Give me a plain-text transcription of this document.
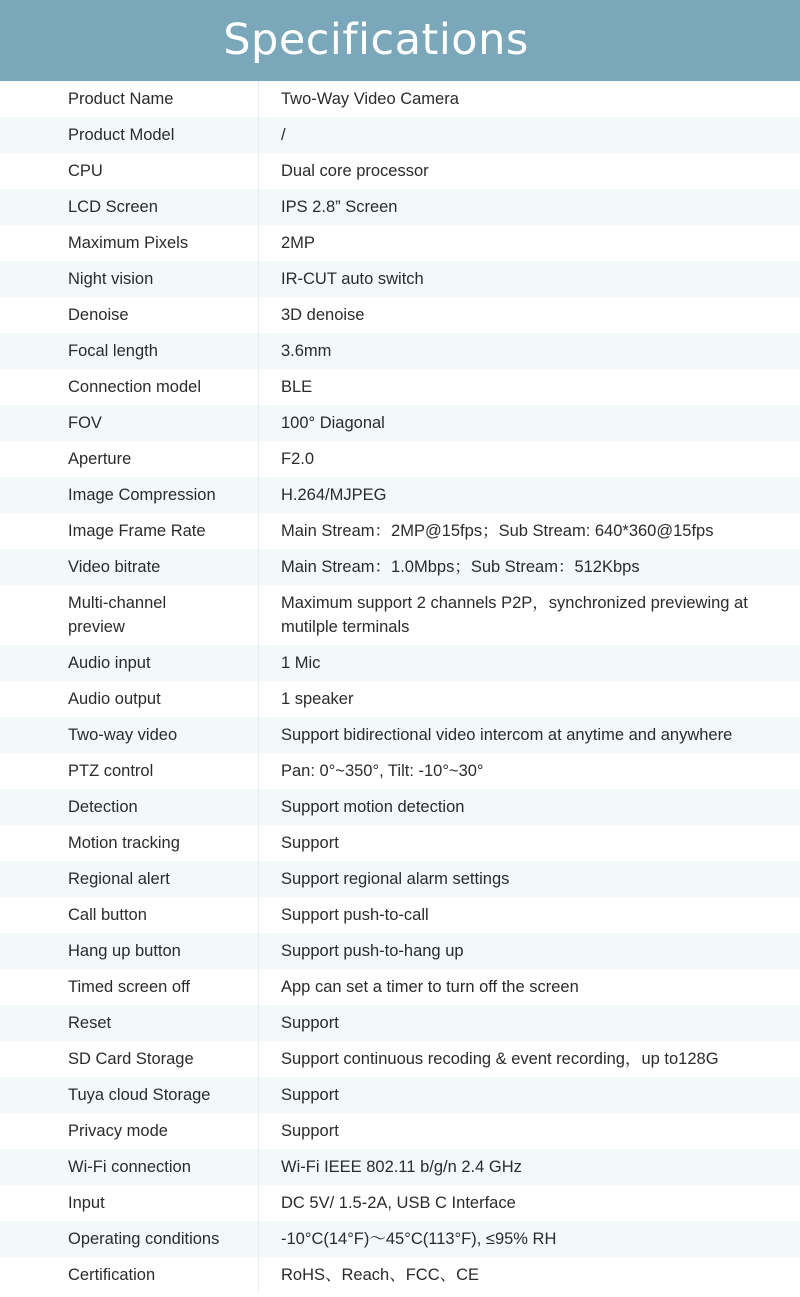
Specifications
Product Name	Two-Way Video Camera
Product Model	/
CPU	Dual core processor
LCD Screen	IPS 2.8” Screen
Maximum Pixels	2MP
Night vision	IR-CUT auto switch
Denoise	3D denoise
Focal length	3.6mm
Connection model	BLE
FOV	100° Diagonal
Aperture	F2.0
Image Compression	H.264/MJPEG
Image Frame Rate	Main Stream：2MP@15fps；Sub Stream: 640*360@15fps
Video bitrate	Main Stream：1.0Mbps；Sub Stream：512Kbps
Multi-channel preview	Maximum support 2 channels P2P，synchronized previewing at mutilple terminals
Audio input	1 Mic
Audio output	1 speaker
Two-way video	Support bidirectional video intercom at anytime and anywhere
PTZ control	Pan: 0°~350°, Tilt: -10°~30°
Detection	Support motion detection
Motion tracking	Support
Regional alert	Support regional alarm settings
Call button	Support push-to-call
Hang up button	Support push-to-hang up
Timed screen off	App can set a timer to turn off the screen
Reset	Support
SD Card Storage	Support continuous recoding & event recording，up to128G
Tuya cloud Storage	Support
Privacy mode	Support
Wi-Fi connection	Wi-Fi IEEE 802.11 b/g/n 2.4 GHz
Input	DC 5V/ 1.5-2A, USB C Interface
Operating conditions	-10°C(14°F)～45°C(113°F), ≤95% RH
Certification	RoHS、Reach、FCC、CE
